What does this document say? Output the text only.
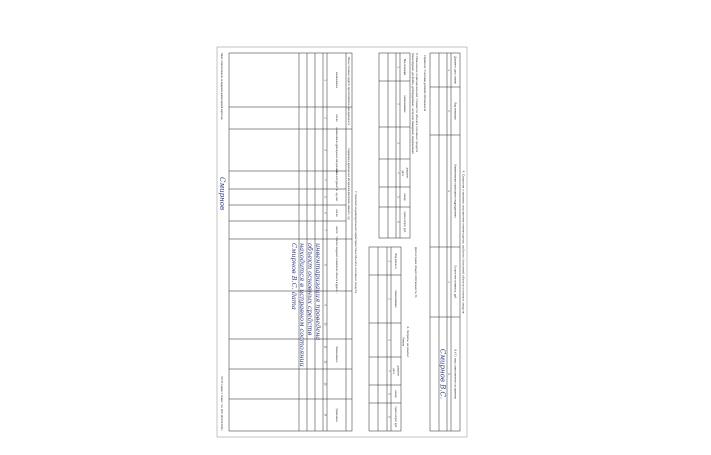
4. Сведения о приемке, внутреннем перемещении, выбытии (списании) объекта основных средств
Документ: дата, номер
Вид операции
Наименование структурного подразделения
Остаточная стоимость, руб.
Ф.И.О. лица, ответственного за хранение
1
2
3
4
5
Смирнов В.С.
Справочно: Участники долевой собственности
5. Изменение первоначальной стоимости объекта основных средств
Реконструкция, достройка, дооборудование, частичная ликвидация, модернизация
Вид операции
наименование
документ
дата
номер
сумма затрат, руб.
1
2
3
4
5
6
Доля в праве общей собственности, %
6. Затраты на ремонт
Ремонт
Вид ремонта
наименование
документ
дата
номер
сумма затрат, руб.
1
2
3
4
5
6
7. Краткая индивидуальная характеристика объекта основных средств
Объект основных средств, приспособления, принадлежности
Содержание драгоценных материалов (металлов, камней и т.д.)
наименование
кол-во
наименование драгоценных материалов
номенклатурный №
ед. изм.
кол-во
масса
Наличие сведений о включении объекта в другие ...
Наименование
Примечание
1
2
3
4
5
6
7
8
9
10
11
12
13
14
инвентаризация проведена
объект основных средств
находится в исправном состоянии
Смирнов В.С. дата
Лицо, ответственное за ведение инвентарной карточки
Смирнов
ЮНИТ-Сервис г. Ремонт тел. (XX) 123-100-2011 г.
